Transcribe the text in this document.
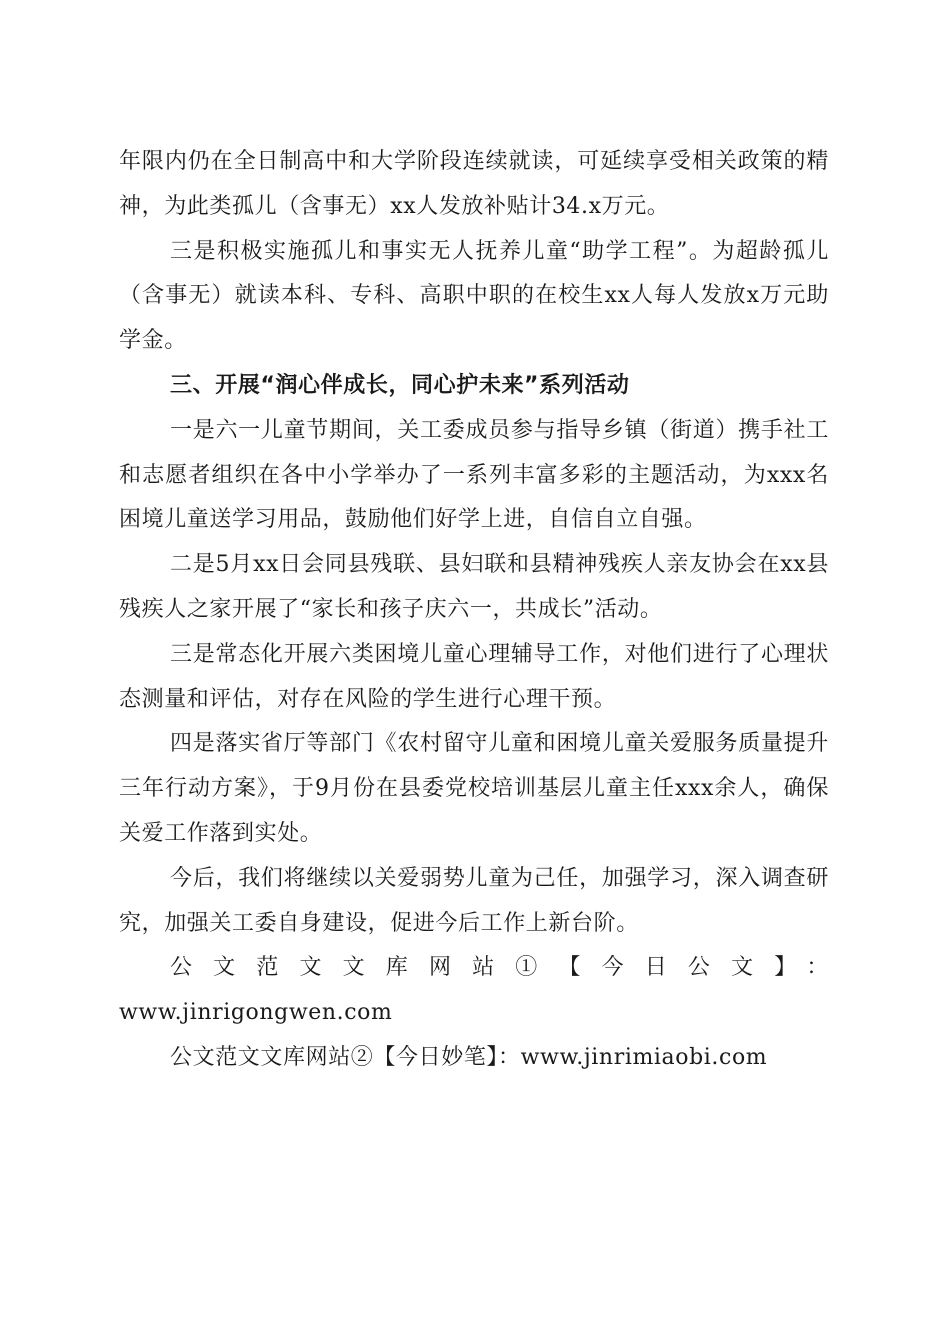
年限内仍在全日制高中和大学阶段连续就读，可延续享受相关政策的精神，为此类孤儿（含事无）xx人发放补贴计34.x万元。

三是积极实施孤儿和事实无人抚养儿童“助学工程”。为超龄孤儿（含事无）就读本科、专科、高职中职的在校生xx人每人发放x万元助学金。

三、开展“润心伴成长，同心护未来”系列活动

一是六一儿童节期间，关工委成员参与指导乡镇（街道）携手社工和志愿者组织在各中小学举办了一系列丰富多彩的主题活动，为xxx名困境儿童送学习用品，鼓励他们好学上进，自信自立自强。

二是5月xx日会同县残联、县妇联和县精神残疾人亲友协会在xx县残疾人之家开展了“家长和孩子庆六一，共成长”活动。

三是常态化开展六类困境儿童心理辅导工作，对他们进行了心理状态测量和评估，对存在风险的学生进行心理干预。

四是落实省厅等部门《农村留守儿童和困境儿童关爱服务质量提升三年行动方案》，于9月份在县委党校培训基层儿童主任xxx余人，确保关爱工作落到实处。

今后，我们将继续以关爱弱势儿童为己任，加强学习，深入调查研究，加强关工委自身建设，促进今后工作上新台阶。

公文范文文库网站①【今日公文】：

www.jinrigongwen.com

公文范文文库网站②【今日妙笔】：www.jinrimiaobi.com
